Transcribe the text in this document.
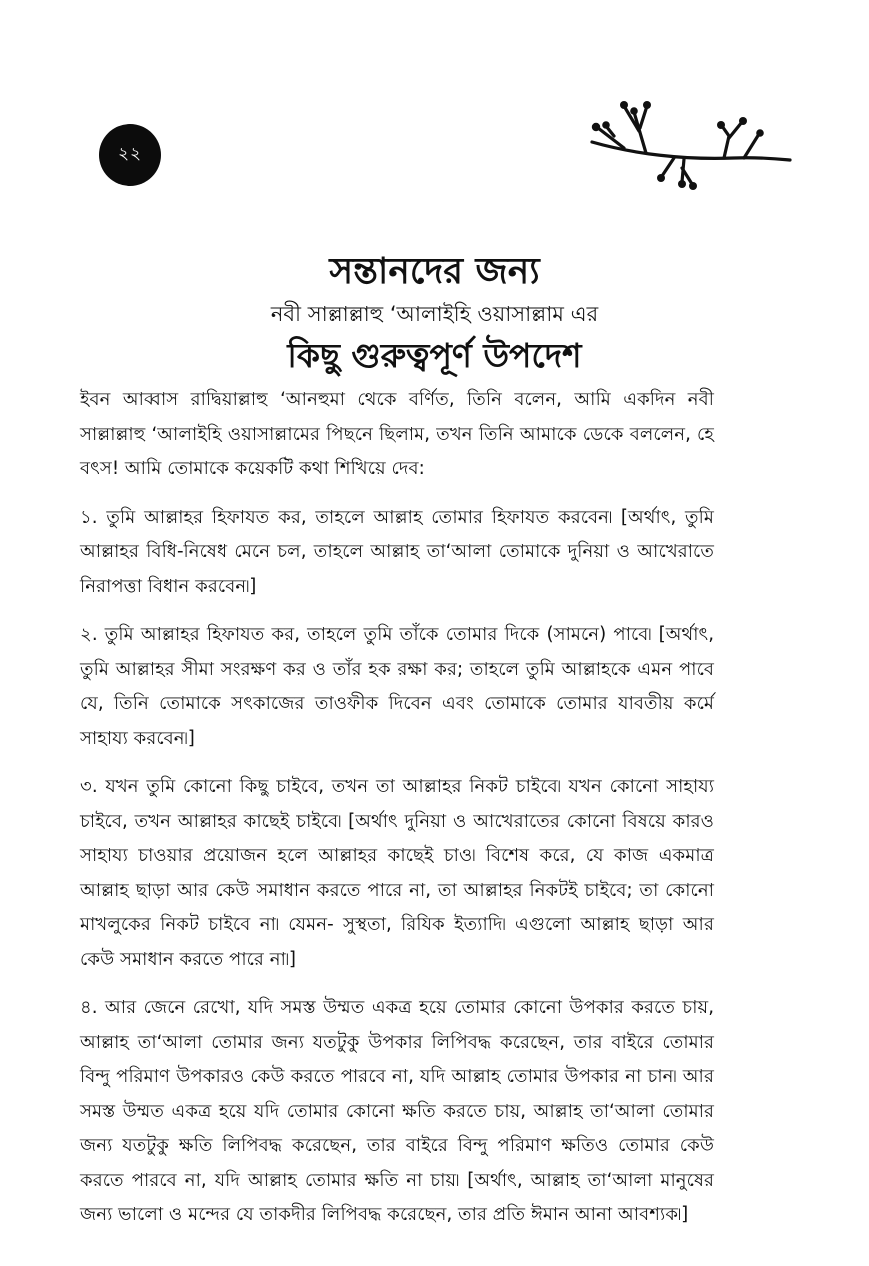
২২
সন্তানদের জন্য
নবী সাল্লাল্লাহু ‘আলাইহি ওয়াসাল্লাম এর
কিছু গুরুত্বপূর্ণ উপদেশ

ইবন আব্বাস রাদ্বিয়াল্লাহু ‘আনহুমা থেকে বর্ণিত, তিনি বলেন, আমি একদিন নবী সাল্লাল্লাহু ‘আলাইহি ওয়াসাল্লামের পিছনে ছিলাম, তখন তিনি আমাকে ডেকে বললেন, হে বৎস! আমি তোমাকে কয়েকটি কথা শিখিয়ে দেব:

১. তুমি আল্লাহর হিফাযত কর, তাহলে আল্লাহ তোমার হিফাযত করবেন৷ [অর্থাৎ, তুমি আল্লাহর বিধি-নিষেধ মেনে চল, তাহলে আল্লাহ তা‘আলা তোমাকে দুনিয়া ও আখেরাতে নিরাপত্তা বিধান করবেন৷]

২. তুমি আল্লাহর হিফাযত কর, তাহলে তুমি তাঁকে তোমার দিকে (সামনে) পাবে৷ [অর্থাৎ, তুমি আল্লাহর সীমা সংরক্ষণ কর ও তাঁর হক রক্ষা কর; তাহলে তুমি আল্লাহকে এমন পাবে যে, তিনি তোমাকে সৎকাজের তাওফীক দিবেন এবং তোমাকে তোমার যাবতীয় কর্মে সাহায্য করবেন৷]

৩. যখন তুমি কোনো কিছু চাইবে, তখন তা আল্লাহর নিকট চাইবে৷ যখন কোনো সাহায্য চাইবে, তখন আল্লাহর কাছেই চাইবে৷ [অর্থাৎ দুনিয়া ও আখেরাতের কোনো বিষয়ে কারও সাহায্য চাওয়ার প্রয়োজন হলে আল্লাহর কাছেই চাও৷ বিশেষ করে, যে কাজ একমাত্র আল্লাহ ছাড়া আর কেউ সমাধান করতে পারে না, তা আল্লাহর নিকটই চাইবে; তা কোনো মাখলুকের নিকট চাইবে না৷ যেমন- সুস্থতা, রিযিক ইত্যাদি৷ এগুলো আল্লাহ ছাড়া আর কেউ সমাধান করতে পারে না৷]

৪. আর জেনে রেখো, যদি সমস্ত উম্মত একত্র হয়ে তোমার কোনো উপকার করতে চায়, আল্লাহ তা‘আলা তোমার জন্য যতটুকু উপকার লিপিবদ্ধ করেছেন, তার বাইরে তোমার বিন্দু পরিমাণ উপকারও কেউ করতে পারবে না, যদি আল্লাহ তোমার উপকার না চান৷ আর সমস্ত উম্মত একত্র হয়ে যদি তোমার কোনো ক্ষতি করতে চায়, আল্লাহ তা‘আলা তোমার জন্য যতটুকু ক্ষতি লিপিবদ্ধ করেছেন, তার বাইরে বিন্দু পরিমাণ ক্ষতিও তোমার কেউ করতে পারবে না, যদি আল্লাহ তোমার ক্ষতি না চায়৷ [অর্থাৎ, আল্লাহ তা‘আলা মানুষের জন্য ভালো ও মন্দের যে তাকদীর লিপিবদ্ধ করেছেন, তার প্রতি ঈমান আনা আবশ্যক৷]
